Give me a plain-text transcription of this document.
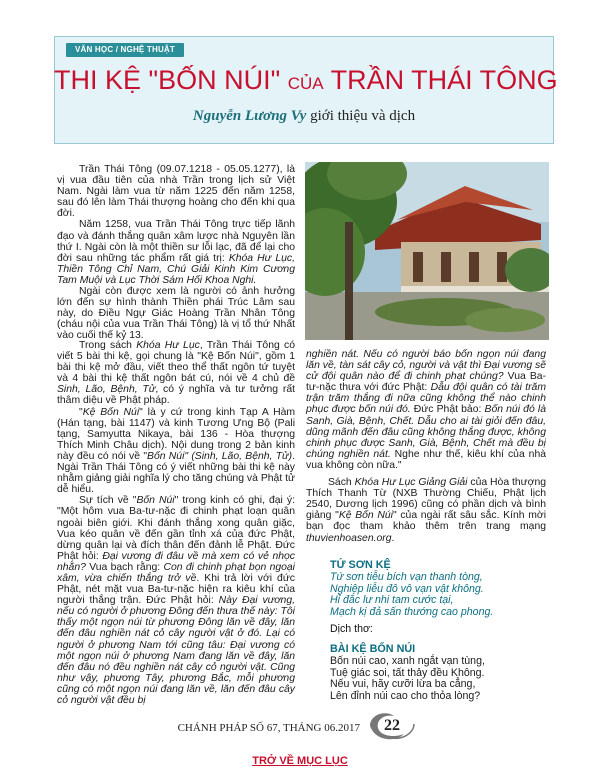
VĂN HỌC / NGHỆ THUẬT
THI KỆ "BỐN NÚI" CỦA TRẦN THÁI TÔNG
Nguyễn Lương Vy giới thiệu và dịch

Trần Thái Tông (09.07.1218 - 05.05.1277), là vị vua đầu tiên của nhà Trần trong lịch sử Việt Nam. Ngài làm vua từ năm 1225 đến năm 1258, sau đó lên làm Thái thượng hoàng cho đến khi qua đời.

Năm 1258, vua Trần Thái Tông trực tiếp lãnh đạo và đánh thắng quân xâm lược nhà Nguyên lần thứ I. Ngài còn là một thiền sư lỗi lạc, đã để lại cho đời sau những tác phẩm rất giá trị: Khóa Hư Lục, Thiền Tông Chỉ Nam, Chú Giải Kinh Kim Cương Tam Muội và Lục Thời Sám Hối Khoa Nghi.

Ngài còn được xem là người có ảnh hưởng lớn đến sự hình thành Thiền phái Trúc Lâm sau này, do Điều Ngự Giác Hoàng Trần Nhân Tông (cháu nội của vua Trần Thái Tông) là vị tổ thứ Nhất vào cuối thế kỷ 13.

Trong sách Khóa Hư Lục, Trần Thái Tông có viết 5 bài thi kệ, gọi chung là "Kệ Bốn Núi", gồm 1 bài thi kệ mở đầu, viết theo thể thất ngôn tứ tuyệt và 4 bài thi kệ thất ngôn bát cú, nói về 4 chủ đề Sinh, Lão, Bệnh, Tử, có ý nghĩa và tư tưởng rất thâm diệu về Phật pháp.

"Kệ Bốn Núi" là y cứ trong kinh Tạp A Hàm (Hán tạng, bài 1147) và kinh Tương Ưng Bộ (Pali tạng, Samyutta Nikaya, bài 136 - Hòa thượng Thích Minh Châu dịch). Nội dung trong 2 bản kinh này đều có nói về "Bốn Núi" (Sinh, Lão, Bệnh, Tử). Ngài Trần Thái Tông có ý viết những bài thi kệ này nhằm giảng giải nghĩa lý cho tăng chúng và Phật tử dễ hiểu.

Sự tích về "Bốn Núi" trong kinh có ghi, đại ý: "Một hôm vua Ba-tư-nặc đi chinh phạt loạn quân ngoài biên giới. Khi đánh thắng xong quân giặc, Vua kéo quân về đến gần tỉnh xá của đức Phật, dừng quân lại và đích thân đến đảnh lễ Phật. Đức Phật hỏi: Đại vương đi đâu về mà xem có vẻ nhọc nhằn? Vua bạch rằng: Con đi chinh phạt bọn ngoại xâm, vừa chiến thắng trở về. Khi trả lời với đức Phật, nét mặt vua Ba-tư-nặc hiện ra kiêu khí của người thắng trận. Đức Phật hỏi: Này Đại vương, nếu có người ở phương Đông đến thưa thế này: Tôi thấy một ngọn núi từ phương Đông lăn về đây, lăn đến đâu nghiền nát cỏ cây người vật ở đó. Lại có người ở phương Nam tới cũng tâu: Đại vương có một ngọn núi ở phương Nam đang lăn về đây, lăn đến đâu nó đều nghiền nát cây cỏ người vật. Cũng như vậy, phương Tây, phương Bắc, mỗi phương cũng có một ngọn núi đang lăn về, lăn đến đâu cây cỏ người vật đều bị

nghiền nát. Nếu có người báo bốn ngọn núi đang lăn về, tàn sát cây cỏ, người và vật thì Đại vương sẽ cử đội quân nào để đi chinh phạt chúng? Vua Ba-tư-nặc thưa với đức Phật: Dẫu đội quân có tài trăm trận trăm thắng đi nữa cũng không thể nào chinh phục được bốn núi đó. Đức Phật bảo: Bốn núi đó là Sanh, Già, Bệnh, Chết. Dẫu cho ai tài giỏi đến đâu, dũng mãnh đến đâu cũng không thắng được, không chinh phục được Sanh, Già, Bệnh, Chết mà đều bị chúng nghiền nát. Nghe như thế, kiêu khí của nhà vua không còn nữa."

Sách Khóa Hư Lục Giảng Giải của Hòa thượng Thích Thanh Từ (NXB Thường Chiếu, Phật lịch 2540, Dương lịch 1996) cũng có phần dịch và bình giảng "Kệ Bốn Núi" của ngài rất sâu sắc. Kính mời bạn đọc tham khảo thêm trên trang mạng thuvienhoasen.org.

TỨ SƠN KỆ
Tứ sơn tiễu bích vạn thanh tòng,
Nghiệp liễu đô vô vạn vật không.
Hỉ đắc lư nhi tam cước tại,
Mạch kị đả sấn thướng cao phong.
Dịch thơ:
BÀI KỆ BỐN NÚI
Bốn núi cao, xanh ngắt vạn tùng,
Tuệ giác soi, tất thảy đều Không.
Nếu vui, hãy cưỡi lừa ba cẳng,
Lên đỉnh núi cao cho thỏa lòng?
CHÁNH PHÁP SỐ 67, THÁNG 06.2017	22
TRỞ VỀ MỤC LỤC
